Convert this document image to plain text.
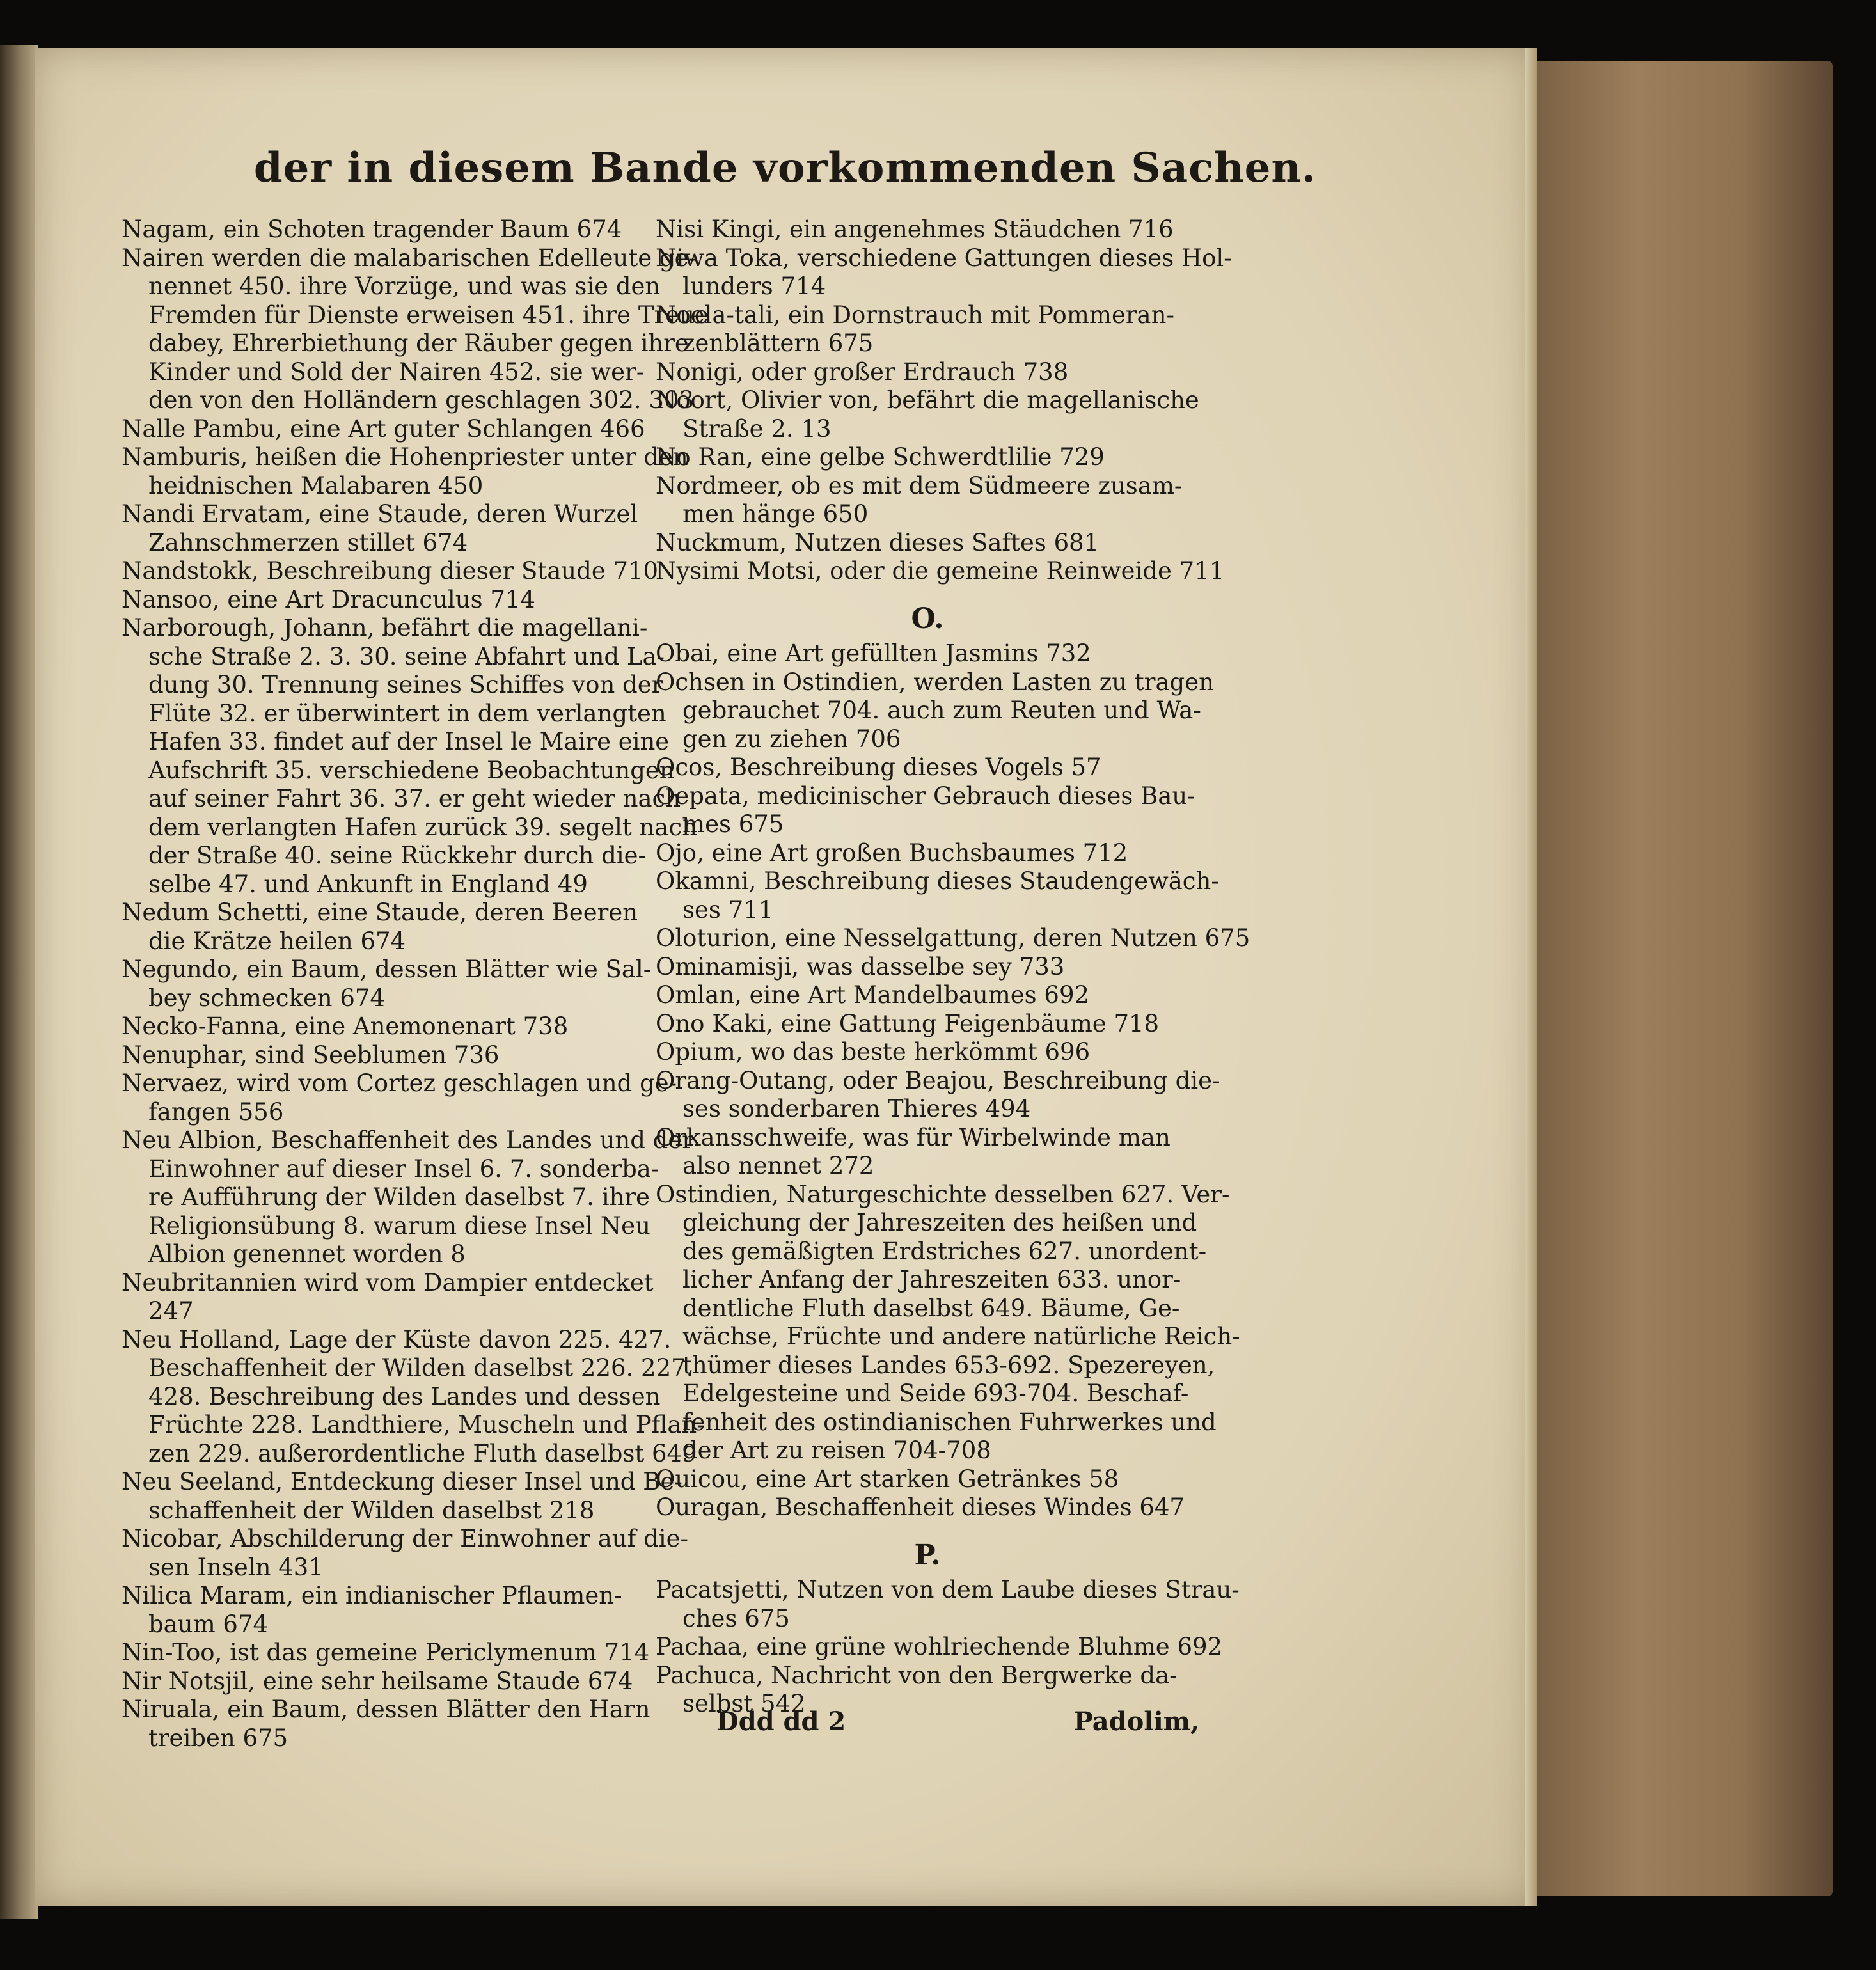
der in diesem Bande vorkommenden Sachen.
Nagam, ein Schoten tragender Baum 674
Nairen werden die malabarischen Edelleute ge-
nennet 450. ihre Vorzüge, und was sie den
Fremden für Dienste erweisen 451. ihre Treue
dabey, Ehrerbiethung der Räuber gegen ihre
Kinder und Sold der Nairen 452. sie wer-
den von den Holländern geschlagen 302. 303
Nalle Pambu, eine Art guter Schlangen 466
Namburis, heißen die Hohenpriester unter den
heidnischen Malabaren 450
Nandi Ervatam, eine Staude, deren Wurzel
Zahnschmerzen stillet 674
Nandstokk, Beschreibung dieser Staude 710
Nansoo, eine Art Dracunculus 714
Narborough, Johann, befährt die magellani-
sche Straße 2. 3. 30. seine Abfahrt und La-
dung 30. Trennung seines Schiffes von der
Flüte 32. er überwintert in dem verlangten
Hafen 33. findet auf der Insel le Maire eine
Aufschrift 35. verschiedene Beobachtungen
auf seiner Fahrt 36. 37. er geht wieder nach
dem verlangten Hafen zurück 39. segelt nach
der Straße 40. seine Rückkehr durch die-
selbe 47. und Ankunft in England 49
Nedum Schetti, eine Staude, deren Beeren
die Krätze heilen 674
Negundo, ein Baum, dessen Blätter wie Sal-
bey schmecken 674
Necko-Fanna, eine Anemonenart 738
Nenuphar, sind Seeblumen 736
Nervaez, wird vom Cortez geschlagen und ge-
fangen 556
Neu Albion, Beschaffenheit des Landes und der
Einwohner auf dieser Insel 6. 7. sonderba-
re Aufführung der Wilden daselbst 7. ihre
Religionsübung 8. warum diese Insel Neu
Albion genennet worden 8
Neubritannien wird vom Dampier entdecket
247
Neu Holland, Lage der Küste davon 225. 427.
Beschaffenheit der Wilden daselbst 226. 227.
428. Beschreibung des Landes und dessen
Früchte 228. Landthiere, Muscheln und Pflan-
zen 229. außerordentliche Fluth daselbst 649
Neu Seeland, Entdeckung dieser Insel und Be-
schaffenheit der Wilden daselbst 218
Nicobar, Abschilderung der Einwohner auf die-
sen Inseln 431
Nilica Maram, ein indianischer Pflaumen-
baum 674
Nin-Too, ist das gemeine Periclymenum 714
Nir Notsjil, eine sehr heilsame Staude 674
Niruala, ein Baum, dessen Blätter den Harn
treiben 675
Nisi Kingi, ein angenehmes Stäudchen 716
Niwa Toka, verschiedene Gattungen dieses Hol-
lunders 714
Noela-tali, ein Dornstrauch mit Pommeran-
zenblättern 675
Nonigi, oder großer Erdrauch 738
Noort, Olivier von, befährt die magellanische
Straße 2. 13
No Ran, eine gelbe Schwerdtlilie 729
Nordmeer, ob es mit dem Südmeere zusam-
men hänge 650
Nuckmum, Nutzen dieses Saftes 681
Nysimi Motsi, oder die gemeine Reinweide 711
O.
Obai, eine Art gefüllten Jasmins 732
Ochsen in Ostindien, werden Lasten zu tragen
gebrauchet 704. auch zum Reuten und Wa-
gen zu ziehen 706
Ocos, Beschreibung dieses Vogels 57
Oepata, medicinischer Gebrauch dieses Bau-
mes 675
Ojo, eine Art großen Buchsbaumes 712
Okamni, Beschreibung dieses Staudengewäch-
ses 711
Oloturion, eine Nesselgattung, deren Nutzen 675
Ominamisji, was dasselbe sey 733
Omlan, eine Art Mandelbaumes 692
Ono Kaki, eine Gattung Feigenbäume 718
Opium, wo das beste herkömmt 696
Orang-Outang, oder Beajou, Beschreibung die-
ses sonderbaren Thieres 494
Orkansschweife, was für Wirbelwinde man
also nennet 272
Ostindien, Naturgeschichte desselben 627. Ver-
gleichung der Jahreszeiten des heißen und
des gemäßigten Erdstriches 627. unordent-
licher Anfang der Jahreszeiten 633. unor-
dentliche Fluth daselbst 649. Bäume, Ge-
wächse, Früchte und andere natürliche Reich-
thümer dieses Landes 653-692. Spezereyen,
Edelgesteine und Seide 693-704. Beschaf-
fenheit des ostindianischen Fuhrwerkes und
der Art zu reisen 704-708
Ouicou, eine Art starken Getränkes 58
Ouragan, Beschaffenheit dieses Windes 647
P.
Pacatsjetti, Nutzen von dem Laube dieses Strau-
ches 675
Pachaa, eine grüne wohlriechende Bluhme 692
Pachuca, Nachricht von den Bergwerke da-
selbst 542
Ddd dd 2	Padolim,
